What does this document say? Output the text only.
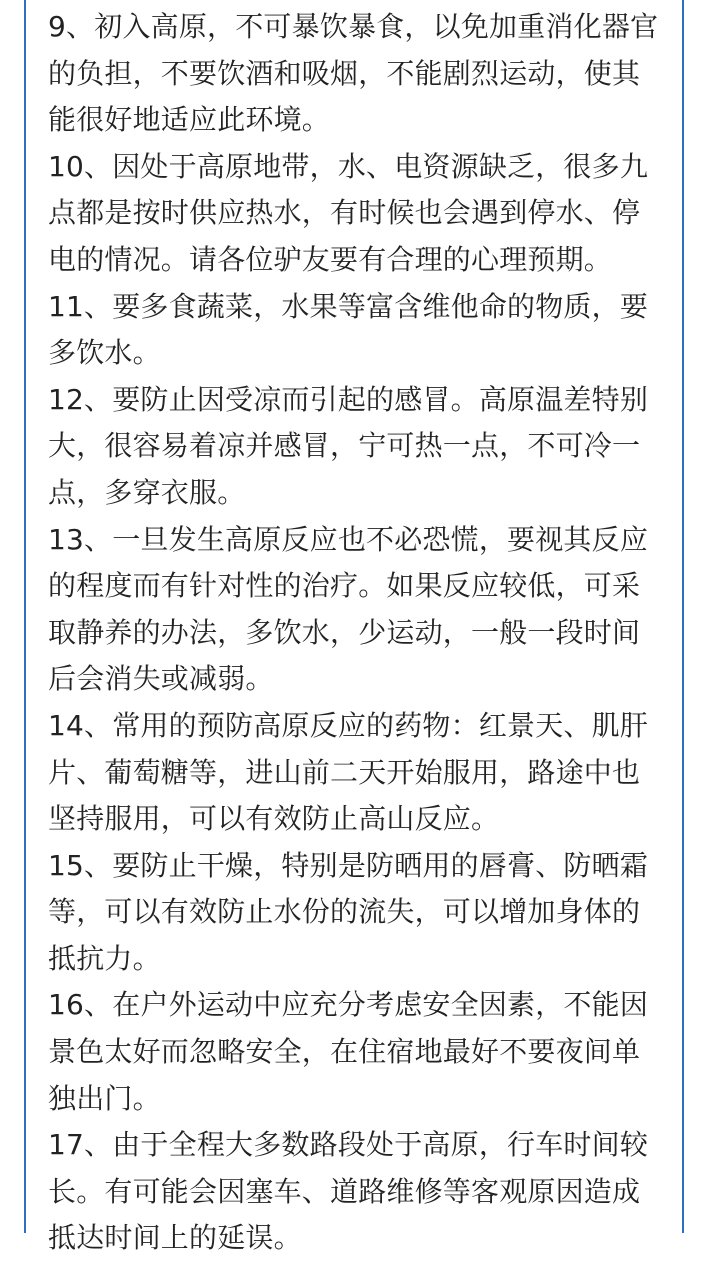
9、初入高原，不可暴饮暴食，以免加重消化器官的负担，不要饮酒和吸烟，不能剧烈运动，使其能很好地适应此环境。

10、因处于高原地带，水、电资源缺乏，很多九点都是按时供应热水，有时候也会遇到停水、停电的情况。请各位驴友要有合理的心理预期。

11、要多食蔬菜，水果等富含维他命的物质，要多饮水。

12、要防止因受凉而引起的感冒。高原温差特别大，很容易着凉并感冒，宁可热一点，不可冷一点，多穿衣服。

13、一旦发生高原反应也不必恐慌，要视其反应的程度而有针对性的治疗。如果反应较低，可采取静养的办法，多饮水，少运动，一般一段时间后会消失或减弱。

14、常用的预防高原反应的药物：红景天、肌肝片、葡萄糖等，进山前二天开始服用，路途中也坚持服用，可以有效防止高山反应。

15、要防止干燥，特别是防晒用的唇膏、防晒霜等，可以有效防止水份的流失，可以增加身体的抵抗力。

16、在户外运动中应充分考虑安全因素，不能因景色太好而忽略安全，在住宿地最好不要夜间单独出门。

17、由于全程大多数路段处于高原，行车时间较长。有可能会因塞车、道路维修等客观原因造成抵达时间上的延误。
